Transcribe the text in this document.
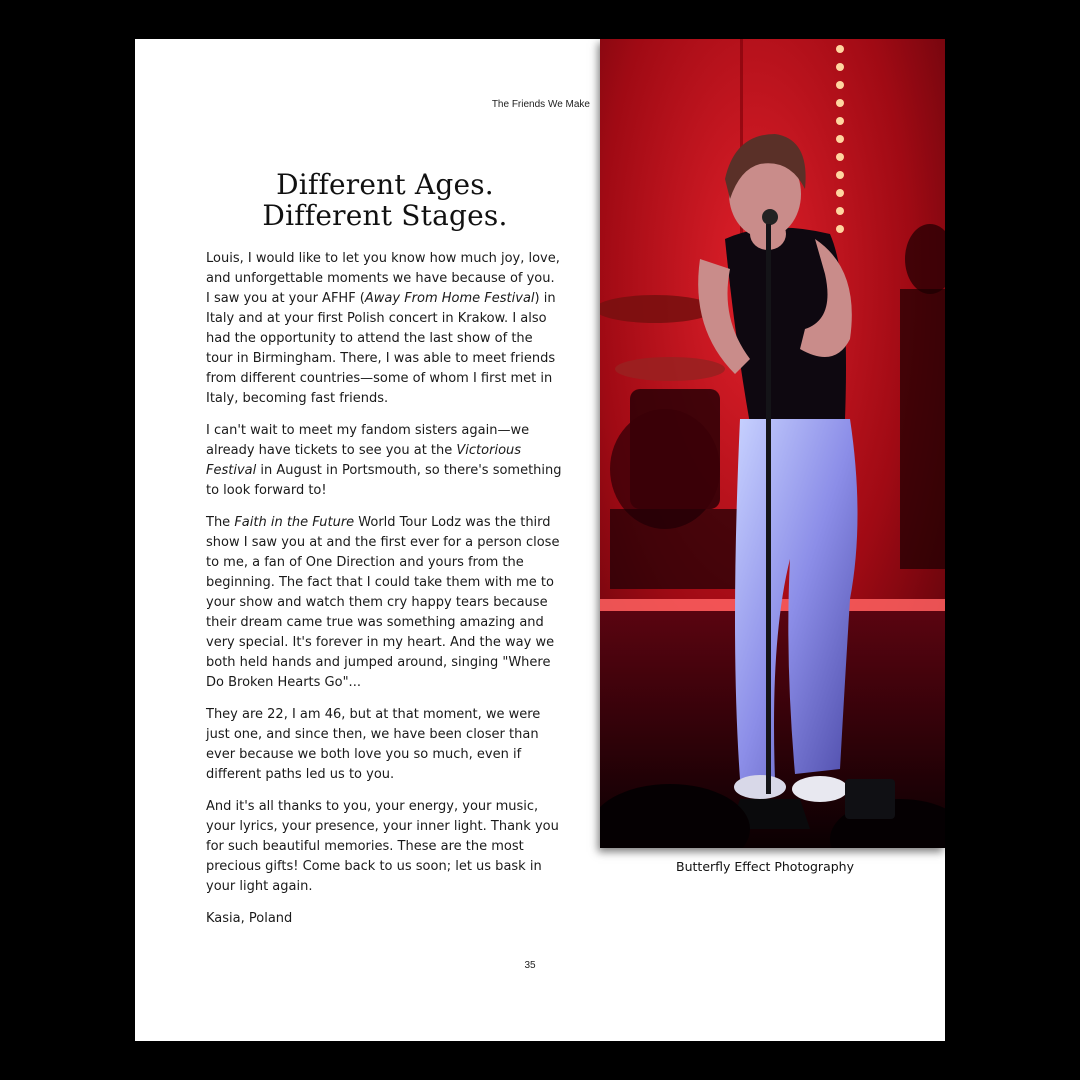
The Friends We Make
Different Ages.
Different Stages.

Louis, I would like to let you know how much joy, love, and unforgettable moments we have because of you. I saw you at your AFHF (Away From Home Festival) in Italy and at your first Polish concert in Krakow. I also had the opportunity to attend the last show of the tour in Birmingham. There, I was able to meet friends from different countries—some of whom I first met in Italy, becoming fast friends.

I can't wait to meet my fandom sisters again—we already have tickets to see you at the Victorious Festival in August in Portsmouth, so there's something to look forward to!

The Faith in the Future World Tour Lodz was the third show I saw you at and the first ever for a person close to me, a fan of One Direction and yours from the beginning. The fact that I could take them with me to your show and watch them cry happy tears because their dream came true was something amazing and very special. It's forever in my heart. And the way we both held hands and jumped around, singing "Where Do Broken Hearts Go"...

They are 22, I am 46, but at that moment, we were just one, and since then, we have been closer than ever because we both love you so much, even if different paths led us to you.

And it's all thanks to you, your energy, your music, your lyrics, your presence, your inner light. Thank you for such beautiful memories. These are the most precious gifts! Come back to us soon; let us bask in your light again.

Kasia, Poland

Butterfly Effect Photography
35
